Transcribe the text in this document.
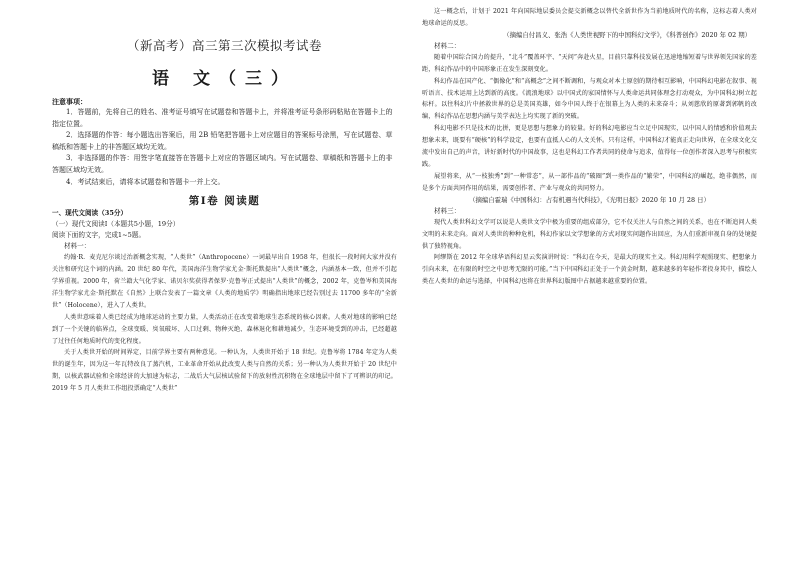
（新高考）高三第三次模拟考试卷
语 文（三）
注意事项：
1．答题前，先将自己的姓名、准考证号填写在试题卷和答题卡上，并将准考证号条形码粘贴在答题卡上的指定位置。
2．选择题的作答：每小题选出答案后，用 2B 铅笔把答题卡上对应题目的答案标号涂黑，写在试题卷、草稿纸和答题卡上的非答题区域均无效。
3．非选择题的作答：用签字笔直接答在答题卡上对应的答题区域内。写在试题卷、草稿纸和答题卡上的非答题区域均无效。
4．考试结束后，请将本试题卷和答题卡一并上交。
第Ⅰ卷 阅读题
一、现代文阅读（35分）
（一）现代文阅读Ⅰ（本题共5小题，19分）
阅读下面的文字，完成1~5题。
材料一：
约翰·R．麦克尼尔谈过治新概念实现，“人类世”（Anthropocene）一词最早出自 1958 年，但很长一段时间大家并没有关注和研究这个词的内涵。20 世纪 80 年代，美国海洋生物学家尤金·斯托默提出“人类世”概念，内涵基本一致，但并不引起学界重视。2000 年，荷兰籍大气化学家、诺贝尔奖获得者保罗·克鲁岑正式提出“人类世”的概念，2002 年，克鲁岑和美国海洋生物学家尤金·斯托默在《自然》上联合发表了一篇文章《人类的地质学》明确指出地球已经告别过去 11700 多年的“全新世”（Holocene），进入了人类世。
人类世意味着人类已经成为地球运动的主要力量，人类活动正在改变着地球生态系统的核心因素。人类对地球的影响已经到了一个关键的临界点，全球变暖、臭氧破坏、人口过剩、物种灭绝、森林退化和耕地减少，生态环境受到的冲击，已经超越了过往任何地质时代的变化程度。
关于人类世开始的时间界定，目前学界主要有两种意见。一种认为，人类世开始于 18 世纪。克鲁岑将 1784 年定为人类世的诞生年，因为这一年瓦特改良了蒸汽机，工业革命开始从此改变人类与自然的关系；另一种认为人类世开始于 20 世纪中期，以核武器试验和全球经济的大加速为标志，二战后大气层核试验留下的放射性沉积物在全球地层中留下了可辨识的印记。2019 年 5 月人类世工作组投票确定“人类世”
这一概念后，计划于 2021 年向国际地层委员会提交新概念以替代全新世作为当前地质时代的名称，这标志着人类对地球命运的反思。
（摘编自付昌义、张浩《人类世视野下的中国科幻文学》，《科普创作》2020 年 02 期）
材料二：
随着中国综合国力的提升，“北斗”覆盖环宇、“天问”奔赴火星，目前只靠科技发展在迅速地缩短着与世界领先国家的差距，科幻作品中的中国形象正在发生深刻变化。
科幻作品在国产化、“偶像化”和“高概念”之间不断调和，与观众对本土原创的期待相互影响，中国科幻电影在叙事、视听语言、技术运用上达到新的高度。《流浪地球》以中国式的家国情怀与人类命运共同体理念打动观众，为中国科幻树立起标杆。以往科幻片中拯救世界的总是美国英雄，如今中国人终于在银幕上为人类的未来奋斗；从刘慈欣的原著到郭帆的改编，科幻作品在思想内涵与美学表达上均实现了新的突破。
科幻电影不只是技术的比拼，更是思想与想象力的较量。好的科幻电影应当立足中国现实，以中国人的情感和价值观去想象未来，既要有“硬核”的科学设定，也要有直抵人心的人文关怀。只有这样，中国科幻才能真正走向世界，在全球文化交流中发出自己的声音，讲好新时代的中国故事，这也是科幻工作者共同的使命与追求，值得每一位创作者深入思考与积极实践。
展望将来，从“一枝独秀”到“一种常态”，从一部作品的“破圈”到一类作品的“繁荣”，中国科幻的崛起，绝非偶然，而是多个方面共同作用的结果，需要创作者、产业与观众的共同努力。
（摘编自霍瑞《中国科幻：占有机遇当代科技》，《光明日报》2020 年 10 月 28 日）
材料三：
现代人类世科幻文学可以说是人类世文学中极为重要的组成部分，它不仅关注人与自然之间的关系，也在不断追问人类文明的未来走向。面对人类世的种种危机，科幻作家以文学想象的方式对现实问题作出回应，为人们重新审视自身的处境提供了独特视角。
阿缪斯在 2012 年全球华语科幻星云奖演讲时说：“科幻在今天，是最大的现实主义。科幻用科学观照现实、把想象力引向未来，在有限的时空之中思考无限的可能。”当下中国科幻正处于一个黄金时期，越来越多的年轻作者投身其中，描绘人类在人类世的命运与选择，中国科幻也将在世界科幻版图中占据越来越重要的位置。
